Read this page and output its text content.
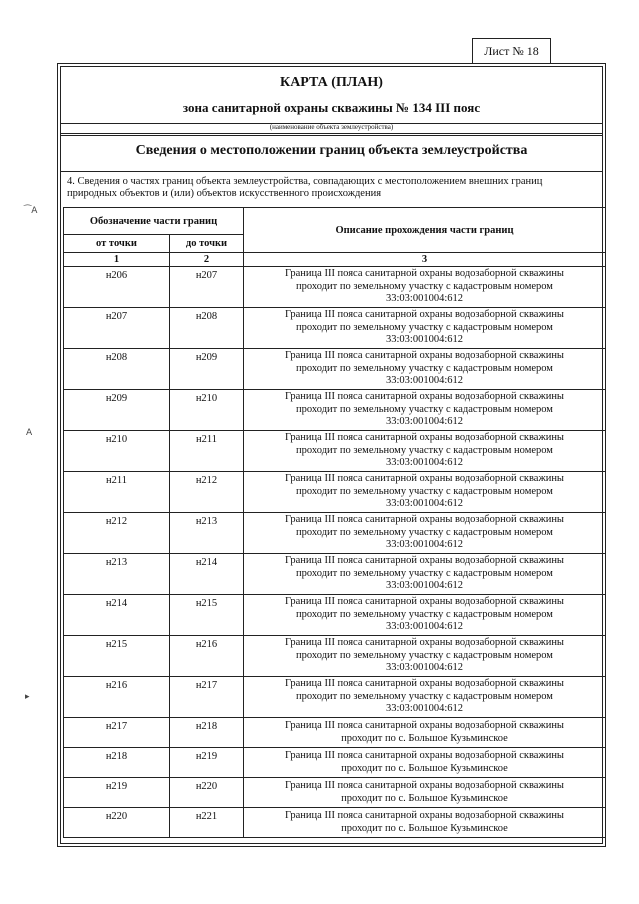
Лист № 18
⁀A
A
▸
КАРТА (ПЛАН)
зона санитарной охраны скважины № 134 III пояс
(наименование объекта землеустройства)
Сведения о местоположении границ объекта землеустройства
4. Сведения о частях границ объекта землеустройства, совпадающих с местоположением внешних границ природных объектов и (или) объектов искусственного происхождения
Обозначение части границ		Описание прохождения части границ
от точки	до точки	
1	2	3
н206	н207	Граница III пояса санитарной охраны водозаборной скважины
проходит по земельному участку с кадастровым номером
33:03:001004:612

н207	н208	Граница III пояса санитарной охраны водозаборной скважины
проходит по земельному участку с кадастровым номером
33:03:001004:612

н208	н209	Граница III пояса санитарной охраны водозаборной скважины
проходит по земельному участку с кадастровым номером
33:03:001004:612

н209	н210	Граница III пояса санитарной охраны водозаборной скважины
проходит по земельному участку с кадастровым номером
33:03:001004:612

н210	н211	Граница III пояса санитарной охраны водозаборной скважины
проходит по земельному участку с кадастровым номером
33:03:001004:612

н211	н212	Граница III пояса санитарной охраны водозаборной скважины
проходит по земельному участку с кадастровым номером
33:03:001004:612

н212	н213	Граница III пояса санитарной охраны водозаборной скважины
проходит по земельному участку с кадастровым номером
33:03:001004:612

н213	н214	Граница III пояса санитарной охраны водозаборной скважины
проходит по земельному участку с кадастровым номером
33:03:001004:612

н214	н215	Граница III пояса санитарной охраны водозаборной скважины
проходит по земельному участку с кадастровым номером
33:03:001004:612

н215	н216	Граница III пояса санитарной охраны водозаборной скважины
проходит по земельному участку с кадастровым номером
33:03:001004:612

н216	н217	Граница III пояса санитарной охраны водозаборной скважины
проходит по земельному участку с кадастровым номером
33:03:001004:612

н217	н218	Граница III пояса санитарной охраны водозаборной скважины
проходит по с. Большое Кузьминское

н218	н219	Граница III пояса санитарной охраны водозаборной скважины
проходит по с. Большое Кузьминское

н219	н220	Граница III пояса санитарной охраны водозаборной скважины
проходит по с. Большое Кузьминское

н220	н221	Граница III пояса санитарной охраны водозаборной скважины
проходит по с. Большое Кузьминское
